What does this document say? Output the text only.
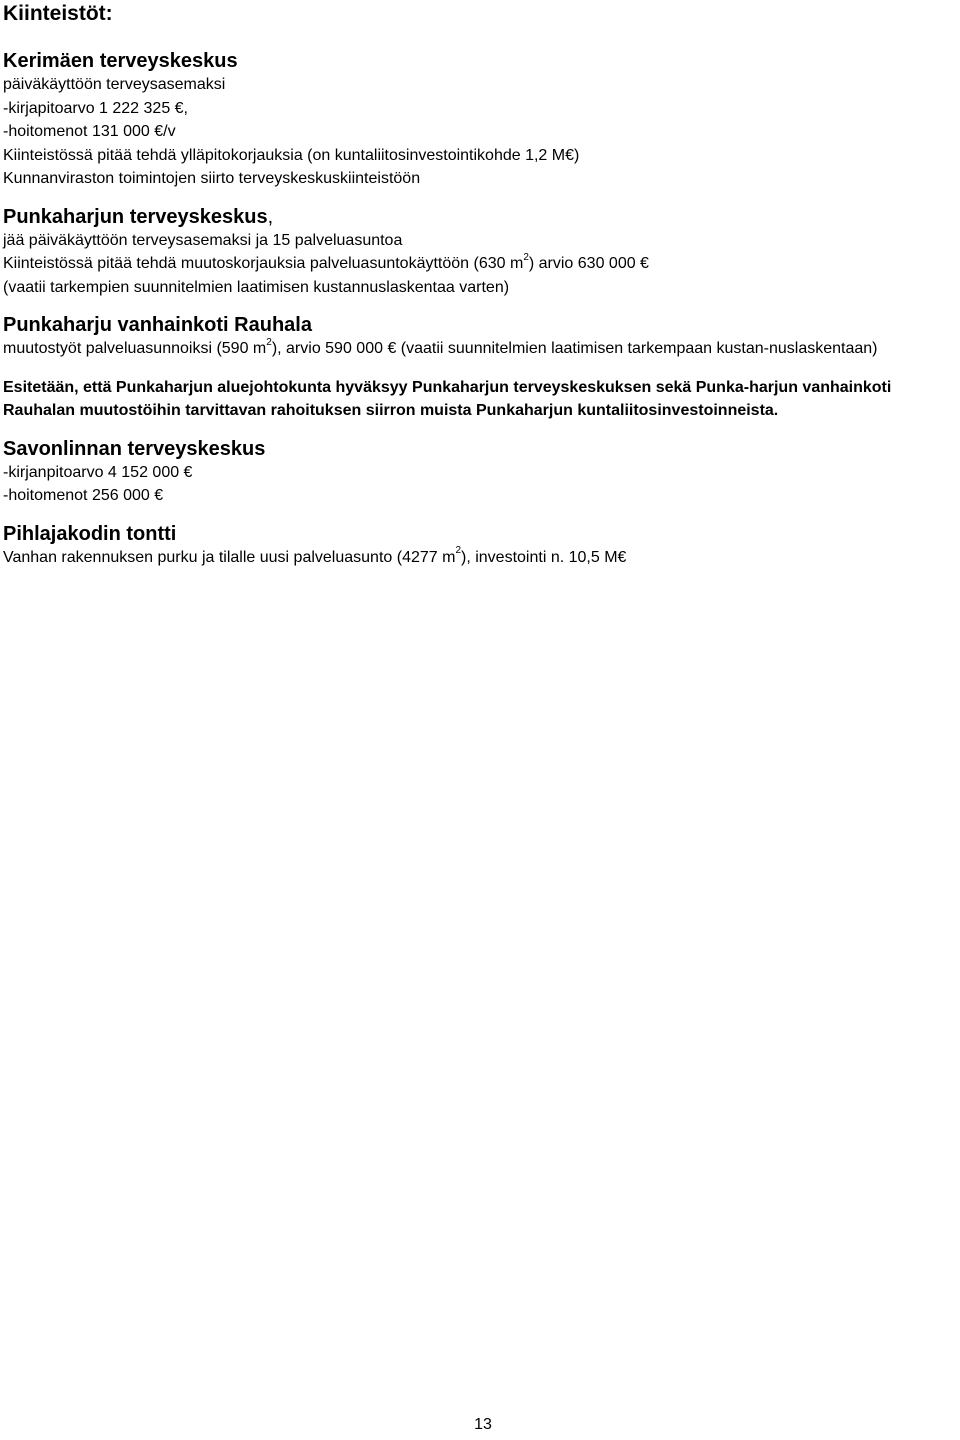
Kiinteistöt:
Kerimäen terveyskeskus

päiväkäyttöön terveysasemaksi

-kirjapitoarvo 1 222 325 €,

-hoitomenot 131 000 €/v

Kiinteistössä pitää tehdä ylläpitokorjauksia (on kuntaliitosinvestointikohde 1,2 M€)

Kunnanviraston toimintojen siirto terveyskeskuskiinteistöön

Punkaharjun terveyskeskus,

jää päiväkäyttöön terveysasemaksi ja 15 palveluasuntoa

Kiinteistössä pitää tehdä muutoskorjauksia palveluasuntokäyttöön (630 $m^2$) arvio 630 000 €

(vaatii tarkempien suunnitelmien laatimisen kustannuslaskentaa varten)

Punkaharju vanhainkoti Rauhala

muutostyöt palveluasunnoiksi (590 $m^2$), arvio 590 000 € (vaatii suunnitelmien laatimisen tarkempaan kustan-nuslaskentaan)

Esitetään, että Punkaharjun aluejohtokunta hyväksyy Punkaharjun terveyskeskuksen sekä Punka-harjun vanhainkoti Rauhalan muutostöihin tarvittavan rahoituksen siirron muista Punkaharjun kuntaliitosinvestoinneista.

Savonlinnan terveyskeskus

-kirjanpitoarvo 4 152 000 €

-hoitomenot 256 000 €

Pihlajakodin tontti

Vanhan rakennuksen purku ja tilalle uusi palveluasunto (4277 $m^2$), investointi n. 10,5 M€

13
